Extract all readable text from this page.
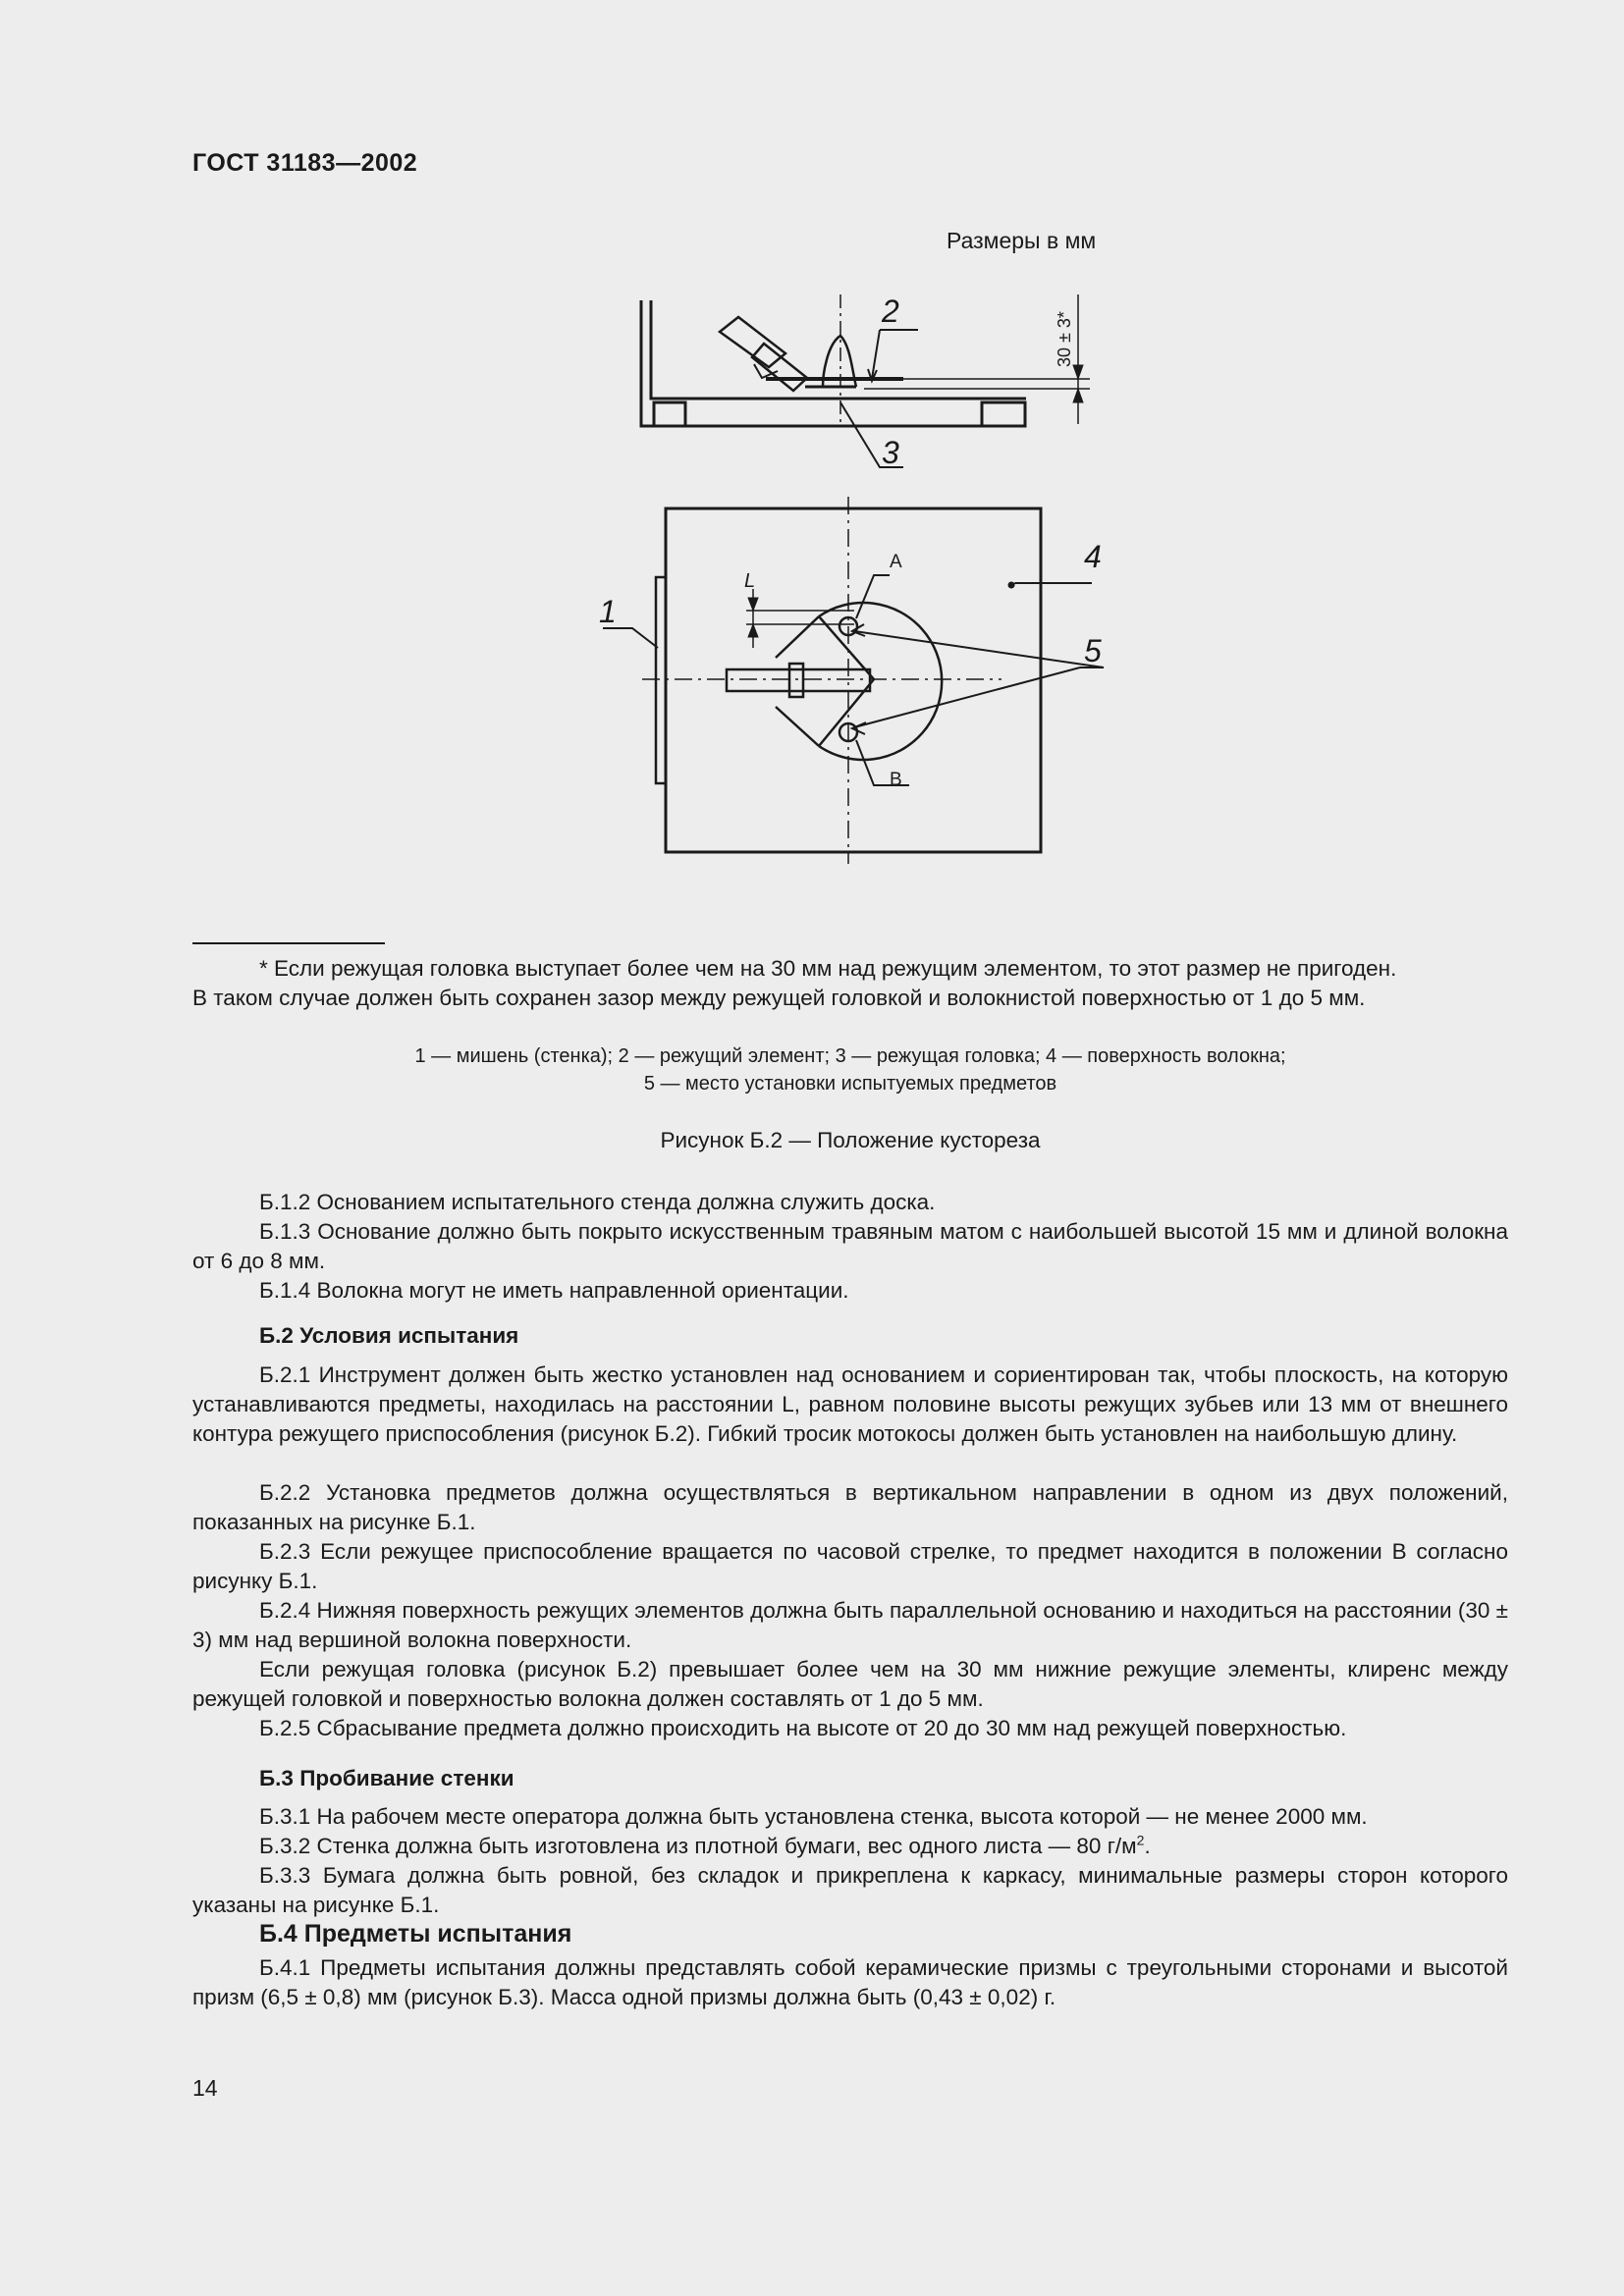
ГОСТ 31183—2002
Размеры в мм
2
3
1
4
5
L
А
В
30 ± 3*
* Если режущая головка выступает более чем на 30 мм над режущим элементом, то этот размер не пригоден.
В таком случае должен быть сохранен зазор между режущей головкой и волокнистой поверхностью от 1 до 5 мм.
1 — мишень (стенка); 2 — режущий элемент; 3 — режущая головка; 4 — поверхность волокна;
5 — место установки испытуемых предметов
Рисунок Б.2 — Положение кустореза
Б.1.2 Основанием испытательного стенда должна служить доска.
Б.1.3 Основание должно быть покрыто искусственным травяным матом с наибольшей высотой 15 мм и длиной волокна от 6 до 8 мм.
Б.1.4 Волокна могут не иметь направленной ориентации.
Б.2 Условия испытания
Б.2.1 Инструмент должен быть жестко установлен над основанием и сориентирован так, чтобы плоскость, на которую устанавливаются предметы, находилась на расстоянии L, равном половине высоты режущих зубьев или 13 мм от внешнего контура режущего приспособления (рисунок Б.2). Гибкий тросик мотокосы должен быть установлен на наибольшую длину.
Б.2.2 Установка предметов должна осуществляться в вертикальном направлении в одном из двух положений, показанных на рисунке Б.1.
Б.2.3 Если режущее приспособление вращается по часовой стрелке, то предмет находится в положении В согласно рисунку Б.1.
Б.2.4 Нижняя поверхность режущих элементов должна быть параллельной основанию и находиться на расстоянии (30 ± 3) мм над вершиной волокна поверхности.
Если режущая головка (рисунок Б.2) превышает более чем на 30 мм нижние режущие элементы, клиренс между режущей головкой и поверхностью волокна должен составлять от 1 до 5 мм.
Б.2.5 Сбрасывание предмета должно происходить на высоте от 20 до 30 мм над режущей поверхностью.
Б.3 Пробивание стенки
Б.3.1 На рабочем месте оператора должна быть установлена стенка, высота которой — не менее 2000 мм.
Б.3.2 Стенка должна быть изготовлена из плотной бумаги, вес одного листа — 80 $г/м^2$.
Б.3.3 Бумага должна быть ровной, без складок и прикреплена к каркасу, минимальные размеры сторон которого указаны на рисунке Б.1.
Б.4 Предметы испытания
Б.4.1 Предметы испытания должны представлять собой керамические призмы с треугольными сторонами и высотой призм (6,5 ± 0,8) мм (рисунок Б.3). Масса одной призмы должна быть (0,43 ± 0,02) г.
14
